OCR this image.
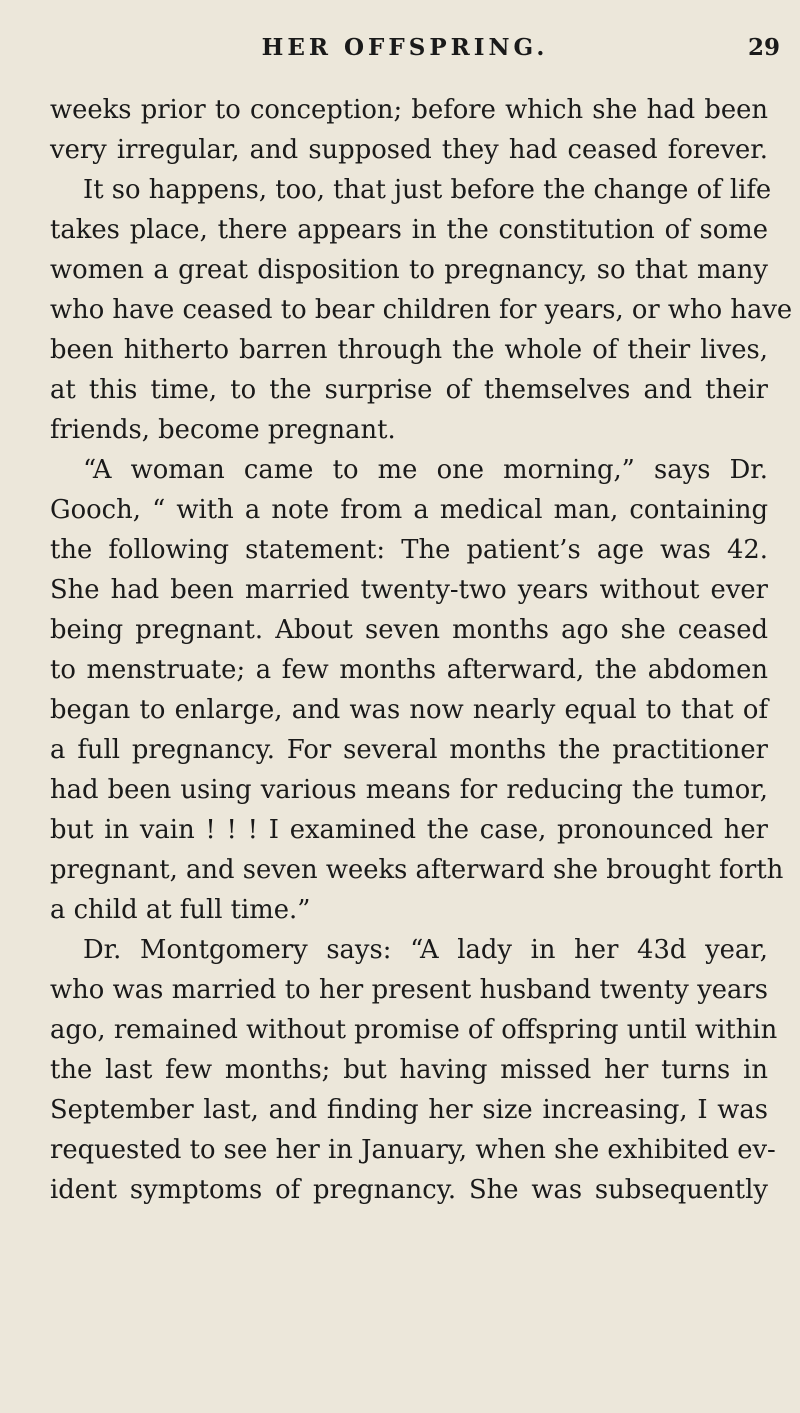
HER OFFSPRING.	29
weeks prior to conception; before which she had been
very irregular, and supposed they had ceased forever.
It so happens, too, that just before the change of life
takes place, there appears in the constitution of some
women a great disposition to pregnancy, so that many
who have ceased to bear children for years, or who have
been hitherto barren through the whole of their lives,
at this time, to the surprise of themselves and their
friends, become pregnant.
“A woman came to me one morning,” says Dr.
Gooch, “ with a note from a medical man, containing
the following statement: The patient’s age was 42.
She had been married twenty-two years without ever
being pregnant. About seven months ago she ceased
to menstruate; a few months afterward, the abdomen
began to enlarge, and was now nearly equal to that of
a full pregnancy. For several months the practitioner
had been using various means for reducing the tumor,
but in vain ! ! ! I examined the case, pronounced her
pregnant, and seven weeks afterward she brought forth
a child at full time.”
Dr. Montgomery says: “A lady in her 43d year,
who was married to her present husband twenty years
ago, remained without promise of offspring until within
the last few months; but having missed her turns in
September last, and finding her size increasing, I was
requested to see her in January, when she exhibited ev-
ident symptoms of pregnancy. She was subsequently
